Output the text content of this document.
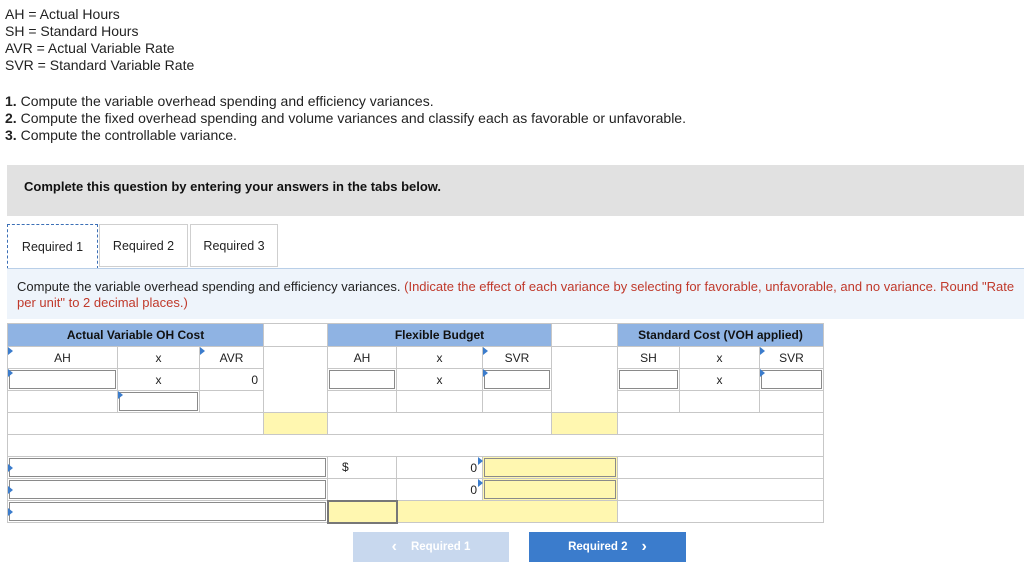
AH = Actual Hours
SH = Standard Hours
AVR = Actual Variable Rate
SVR = Standard Variable Rate
1. Compute the variable overhead spending and efficiency variances.
2. Compute the fixed overhead spending and volume variances and classify each as favorable or unfavorable.
3. Compute the controllable variance.
Complete this question by entering your answers in the tabs below.
Required 1	Required 2	Required 3
Compute the variable overhead spending and efficiency variances. (Indicate the effect of each variance by selecting for favorable, unfavorable, and no variance. Round "Rate per unit" to 2 decimal places.)
Actual Variable OH Cost				Flexible Budget				Standard Cost (VOH applied)		

AH	x	AVR		AH	x	SVR		SH	x	SVR

	x	0			x				x	

				$	0			

					0			

‹ Required 1	Required 2 ›
